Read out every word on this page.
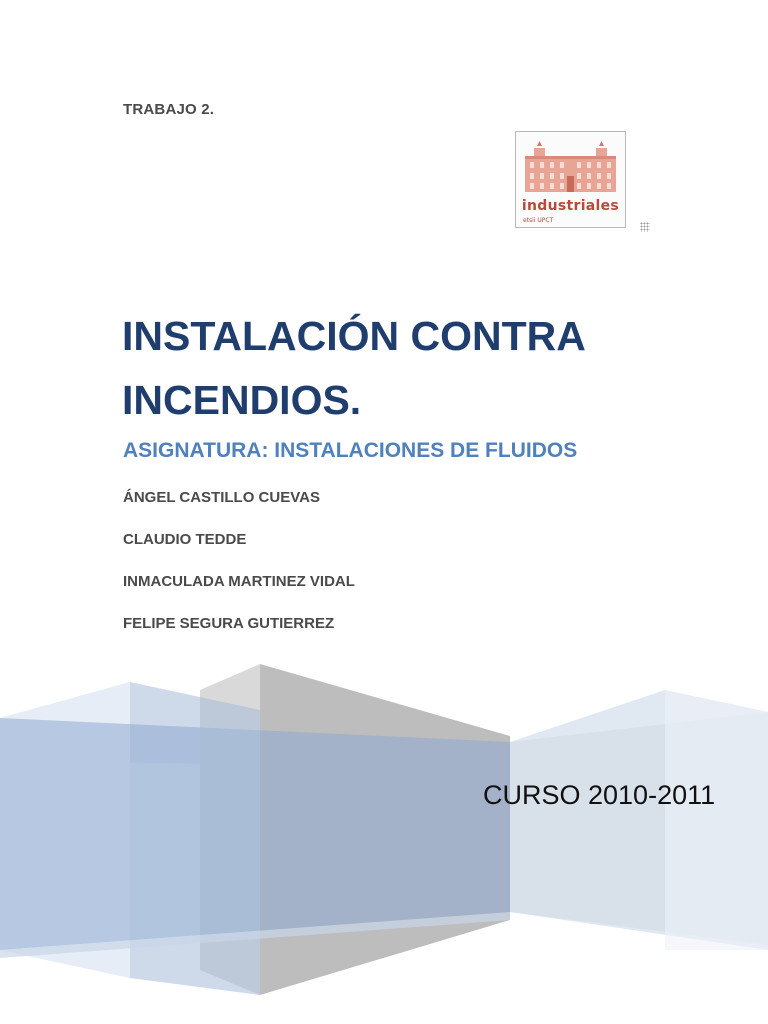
TRABAJO 2.
industriales
etsii UPCT
INSTALACIÓN CONTRA
INCENDIOS.
ASIGNATURA: INSTALACIONES DE FLUIDOS
ÁNGEL CASTILLO CUEVAS
CLAUDIO TEDDE
INMACULADA MARTINEZ VIDAL
FELIPE SEGURA GUTIERREZ
CURSO 2010-2011
